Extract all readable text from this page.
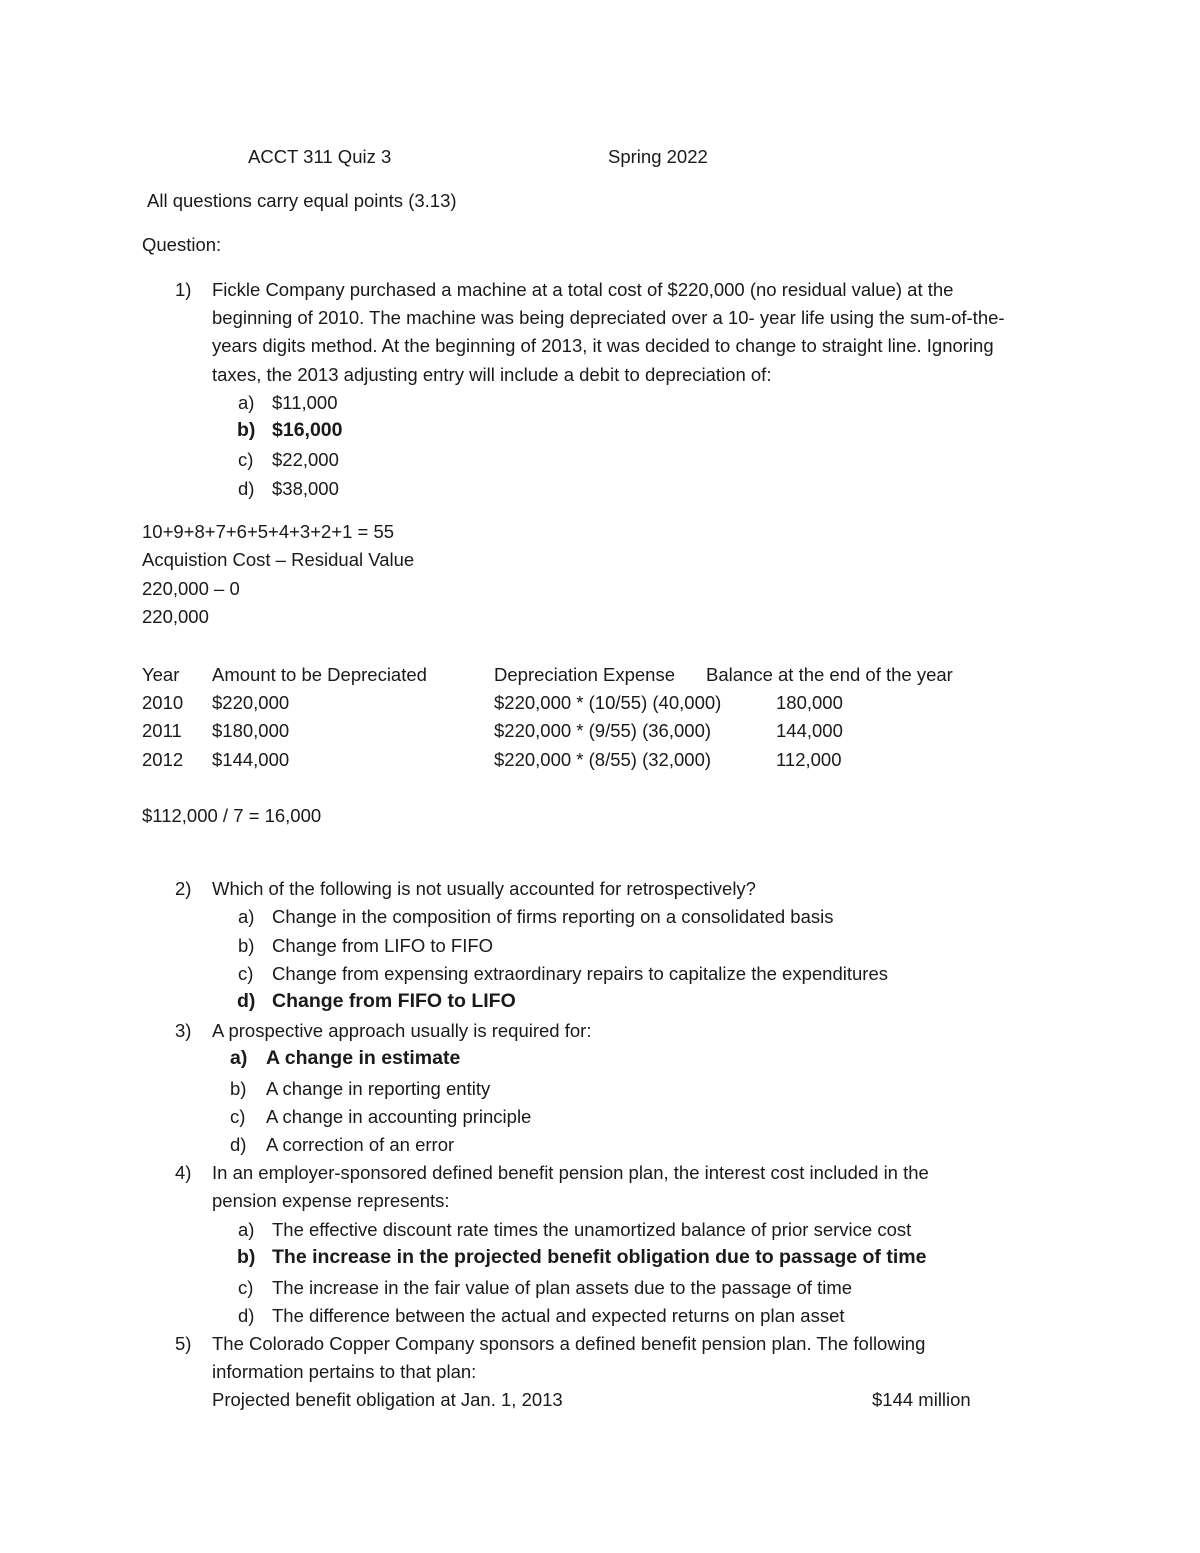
ACCT 311 Quiz 3	Spring 2022
All questions carry equal points (3.13)
Question:
1) Fickle Company purchased a machine at a total cost of $220,000 (no residual value) at the
beginning of 2010. The machine was being depreciated over a 10- year life using the sum-of-the-
years digits method. At the beginning of 2013, it was decided to change to straight line. Ignoring
taxes, the 2013 adjusting entry will include a debit to depreciation of:
a) $11,000
b) $16,000
c) $22,000
d) $38,000
10+9+8+7+6+5+4+3+2+1 = 55
Acquistion Cost – Residual Value
220,000 – 0
220,000
Year Amount to be Depreciated	Depreciation Expense Balance at the end of the year
2010 $220,000	$220,000 * (10/55) (40,000)	180,000
2011 $180,000	$220,000 * (9/55) (36,000)	144,000
2012 $144,000	$220,000 * (8/55) (32,000)	112,000
$112,000 / 7 = 16,000
2) Which of the following is not usually accounted for retrospectively?
a) Change in the composition of firms reporting on a consolidated basis
b) Change from LIFO to FIFO
c) Change from expensing extraordinary repairs to capitalize the expenditures
d) Change from FIFO to LIFO
3) A prospective approach usually is required for:
a) A change in estimate
b) A change in reporting entity
c) A change in accounting principle
d) A correction of an error
4) In an employer-sponsored defined benefit pension plan, the interest cost included in the
pension expense represents:
a) The effective discount rate times the unamortized balance of prior service cost
b) The increase in the projected benefit obligation due to passage of time
c) The increase in the fair value of plan assets due to the passage of time
d) The difference between the actual and expected returns on plan asset
5) The Colorado Copper Company sponsors a defined benefit pension plan. The following
information pertains to that plan:
Projected benefit obligation at Jan. 1, 2013	$144 million
